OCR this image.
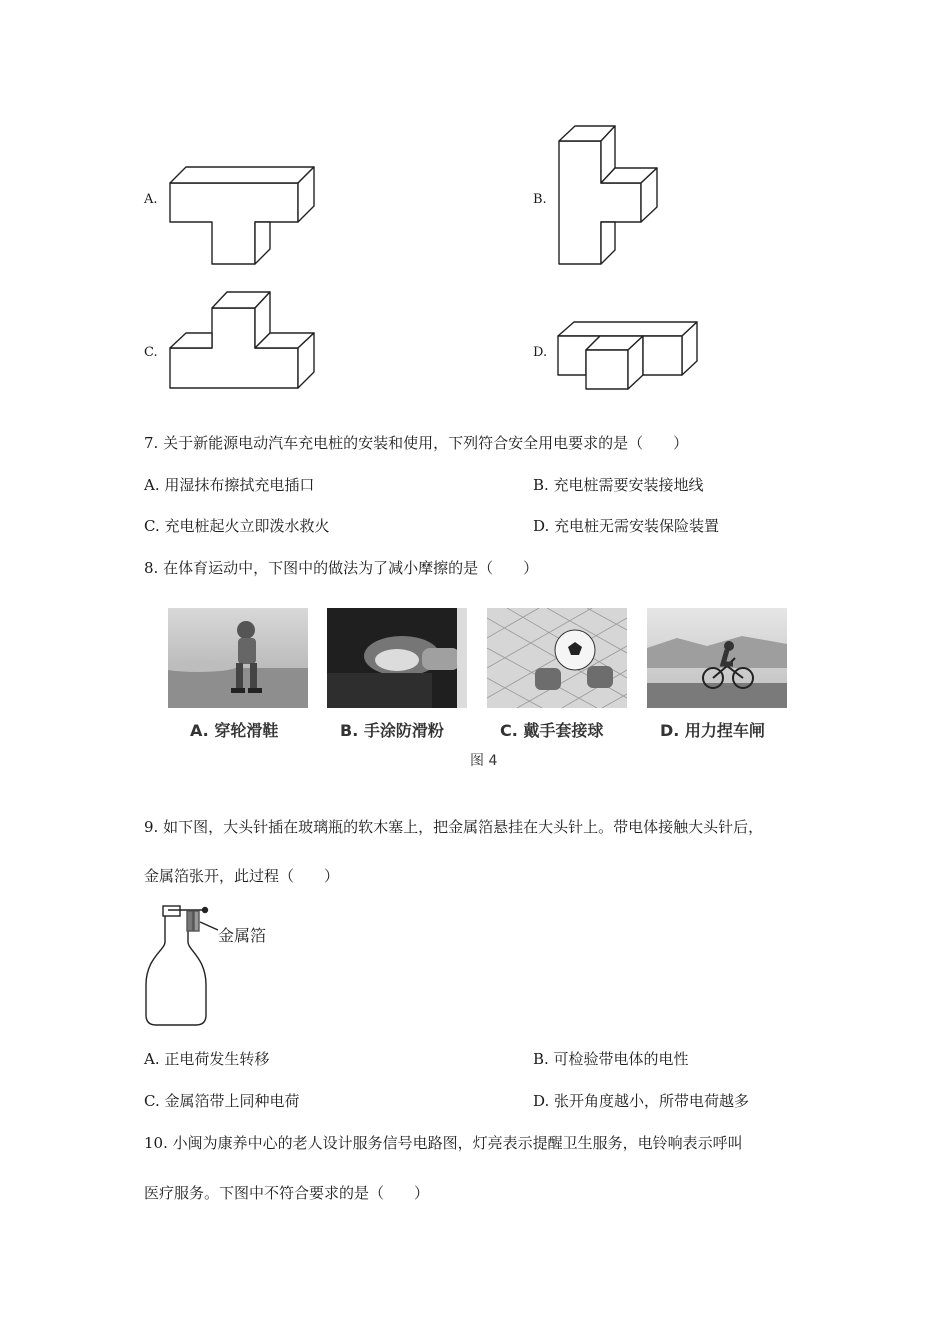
A.	B.
C.	D.
7. 关于新能源电动汽车充电桩的安装和使用，下列符合安全用电要求的是（　　）
A. 用湿抹布擦拭充电插口	B. 充电桩需要安装接地线
C. 充电桩起火立即泼水救火	D. 充电桩无需安装保险装置
8. 在体育运动中，下图中的做法为了减小摩擦的是（　　）
A. 穿轮滑鞋	B. 手涂防滑粉	C. 戴手套接球	D. 用力捏车闸
图 4
9. 如下图，大头针插在玻璃瓶的软木塞上，把金属箔悬挂在大头针上。带电体接触大头针后，
金属箔张开，此过程（　　）
金属箔
A. 正电荷发生转移	B. 可检验带电体的电性
C. 金属箔带上同种电荷	D. 张开角度越小，所带电荷越多
10. 小闽为康养中心的老人设计服务信号电路图，灯亮表示提醒卫生服务，电铃响表示呼叫
医疗服务。下图中不符合要求的是（　　）
